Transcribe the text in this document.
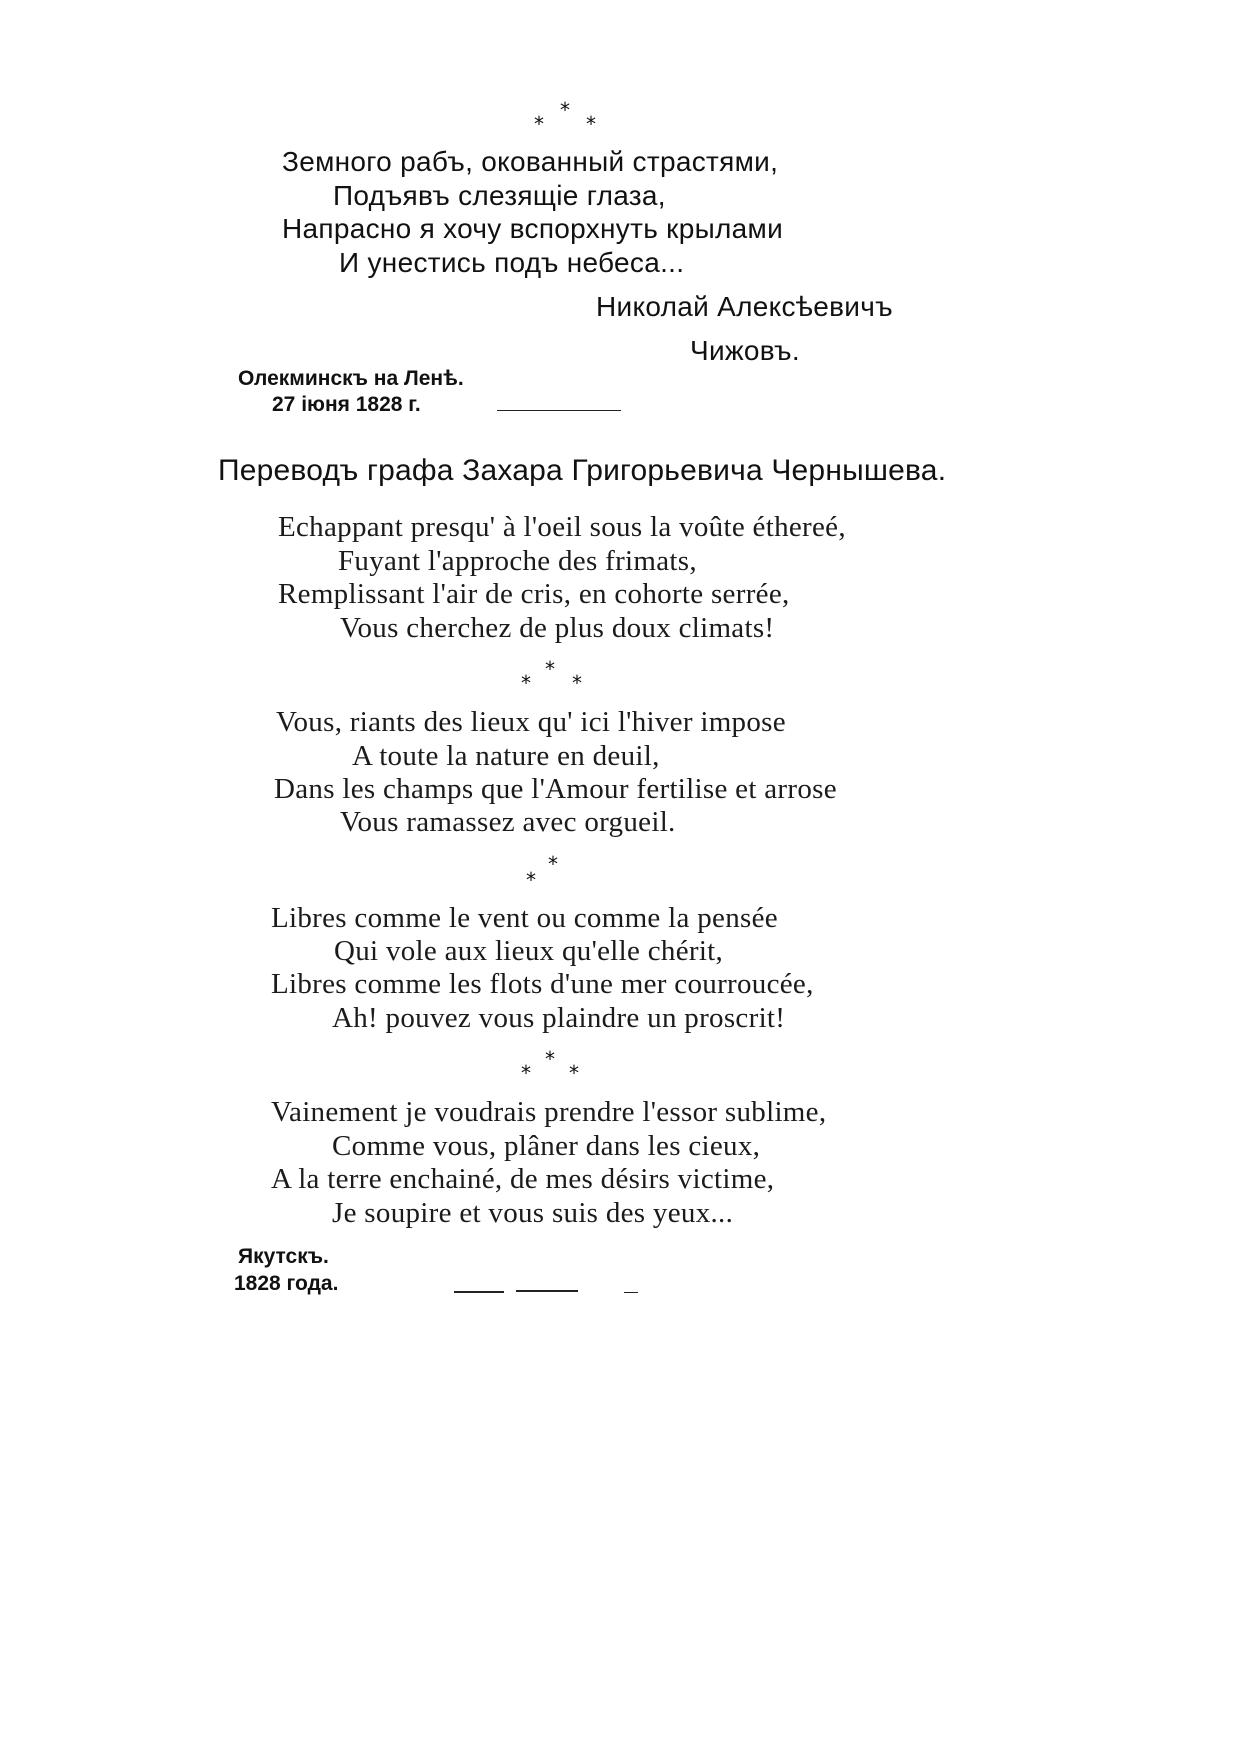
*
* *
Земного рабъ, окованный страстями,
Подъявъ слезящіе глаза,
Напрасно я хочу вспорхнуть крылами
И унестись подъ небеса...
Николай Алексѣевичъ
Чижовъ.
Олекминскъ на Ленѣ.
27 іюня 1828 г.
Переводъ графа Захара Григорьевича Чернышева.
Echappant presqu' à l'oeil sous la voûte éthereé,
Fuyant l'approche des frimats,
Remplissant l'air de cris, en cohorte serrée,
Vous cherchez de plus doux climats!
*
* *
Vous, riants des lieux qu' ici l'hiver impose
A toute la nature en deuil,
Dans les champs que l'Amour fertilise et arrose
Vous ramassez avec orgueil.
*
*
Libres comme le vent ou comme la pensée
Qui vole aux lieux qu'elle chérit,
Libres comme les flots d'une mer courroucée,
Ah! pouvez vous plaindre un proscrit!
*
* *
Vainement je voudrais prendre l'essor sublime,
Comme vous, plâner dans les cieux,
A la terre enchainé, de mes désirs victime,
Je soupire et vous suis des yeux...
Якутскъ.
1828 года.
